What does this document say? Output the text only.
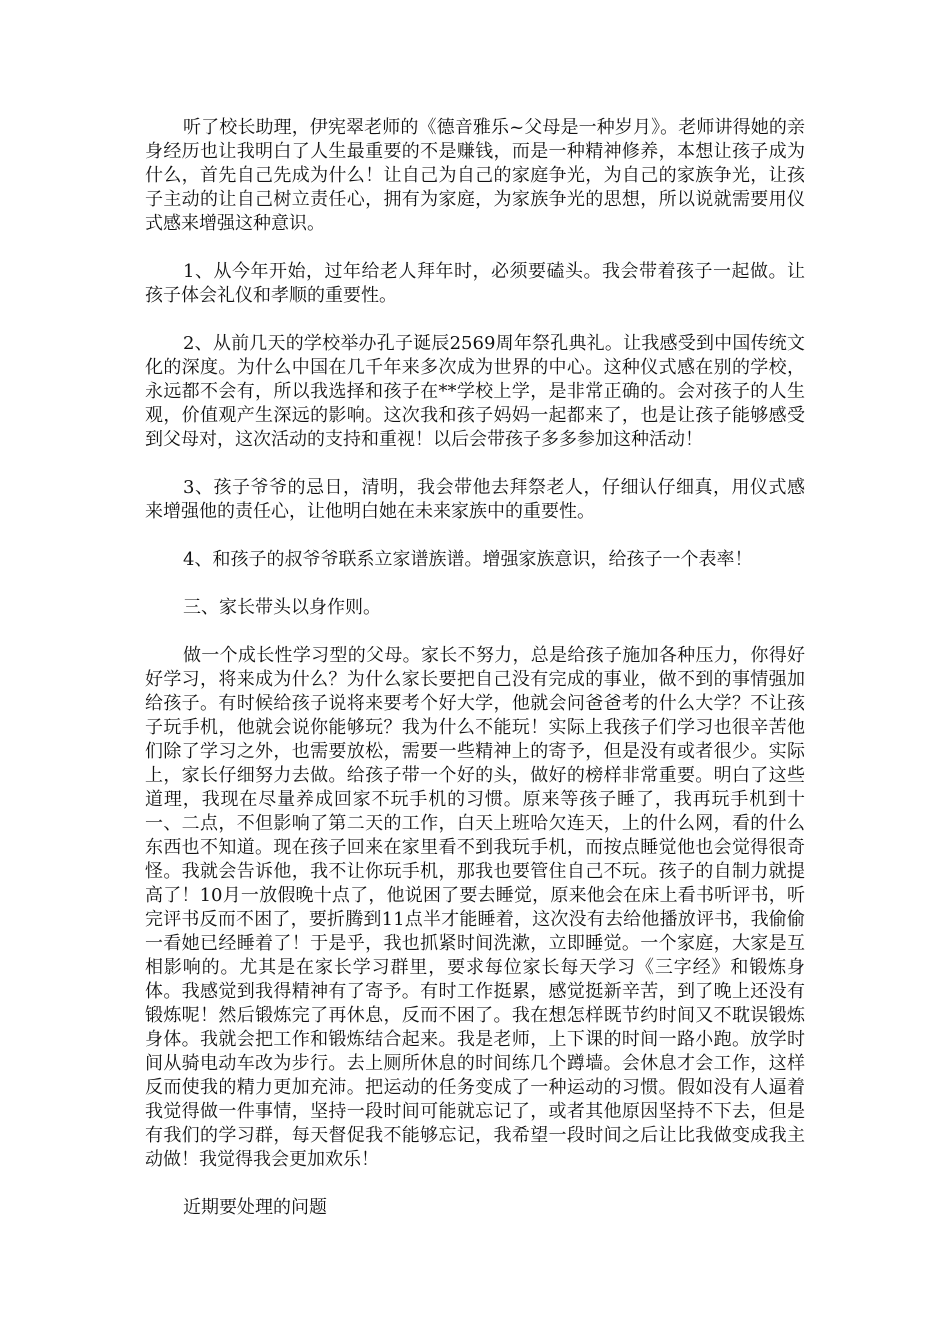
听了校长助理，伊宪翠老师的《德音雅乐~父母是一种岁月》。老师讲得她的亲身经历也让我明白了人生最重要的不是赚钱，而是一种精神修养，本想让孩子成为什么，首先自己先成为什么！让自己为自己的家庭争光，为自己的家族争光，让孩子主动的让自己树立责任心，拥有为家庭，为家族争光的思想，所以说就需要用仪式感来增强这种意识。

1、从今年开始，过年给老人拜年时，必须要磕头。我会带着孩子一起做。让孩子体会礼仪和孝顺的重要性。

2、从前几天的学校举办孔子诞辰2569周年祭孔典礼。让我感受到中国传统文化的深度。为什么中国在几千年来多次成为世界的中心。这种仪式感在别的学校，永远都不会有，所以我选择和孩子在**学校上学，是非常正确的。会对孩子的人生观，价值观产生深远的影响。这次我和孩子妈妈一起都来了，也是让孩子能够感受到父母对，这次活动的支持和重视！以后会带孩子多多参加这种活动！

3、孩子爷爷的忌日，清明，我会带他去拜祭老人，仔细认仔细真，用仪式感来增强他的责任心，让他明白她在未来家族中的重要性。

4、和孩子的叔爷爷联系立家谱族谱。增强家族意识，给孩子一个表率！

三、家长带头以身作则。

做一个成长性学习型的父母。家长不努力，总是给孩子施加各种压力，你得好好学习，将来成为什么？为什么家长要把自己没有完成的事业，做不到的事情强加给孩子。有时候给孩子说将来要考个好大学，他就会问爸爸考的什么大学？不让孩子玩手机，他就会说你能够玩？我为什么不能玩！实际上我孩子们学习也很辛苦他们除了学习之外，也需要放松，需要一些精神上的寄予，但是没有或者很少。实际上，家长仔细努力去做。给孩子带一个好的头，做好的榜样非常重要。明白了这些道理，我现在尽量养成回家不玩手机的习惯。原来等孩子睡了，我再玩手机到十一、二点，不但影响了第二天的工作，白天上班哈欠连天，上的什么网，看的什么东西也不知道。现在孩子回来在家里看不到我玩手机，而按点睡觉他也会觉得很奇怪。我就会告诉他，我不让你玩手机，那我也要管住自己不玩。孩子的自制力就提高了！10月一放假晚十点了，他说困了要去睡觉，原来他会在床上看书听评书，听完评书反而不困了，要折腾到11点半才能睡着，这次没有去给他播放评书，我偷偷一看她已经睡着了！于是乎，我也抓紧时间洗漱，立即睡觉。一个家庭，大家是互相影响的。尤其是在家长学习群里，要求每位家长每天学习《三字经》和锻炼身体。我感觉到我得精神有了寄予。有时工作挺累，感觉挺新辛苦，到了晚上还没有锻炼呢！然后锻炼完了再休息，反而不困了。我在想怎样既节约时间又不耽误锻炼身体。我就会把工作和锻炼结合起来。我是老师，上下课的时间一路小跑。放学时间从骑电动车改为步行。去上厕所休息的时间练几个蹲墙。会休息才会工作，这样反而使我的精力更加充沛。把运动的任务变成了一种运动的习惯。假如没有人逼着我觉得做一件事情，坚持一段时间可能就忘记了，或者其他原因坚持不下去，但是有我们的学习群，每天督促我不能够忘记，我希望一段时间之后让比我做变成我主动做！我觉得我会更加欢乐！

近期要处理的问题
